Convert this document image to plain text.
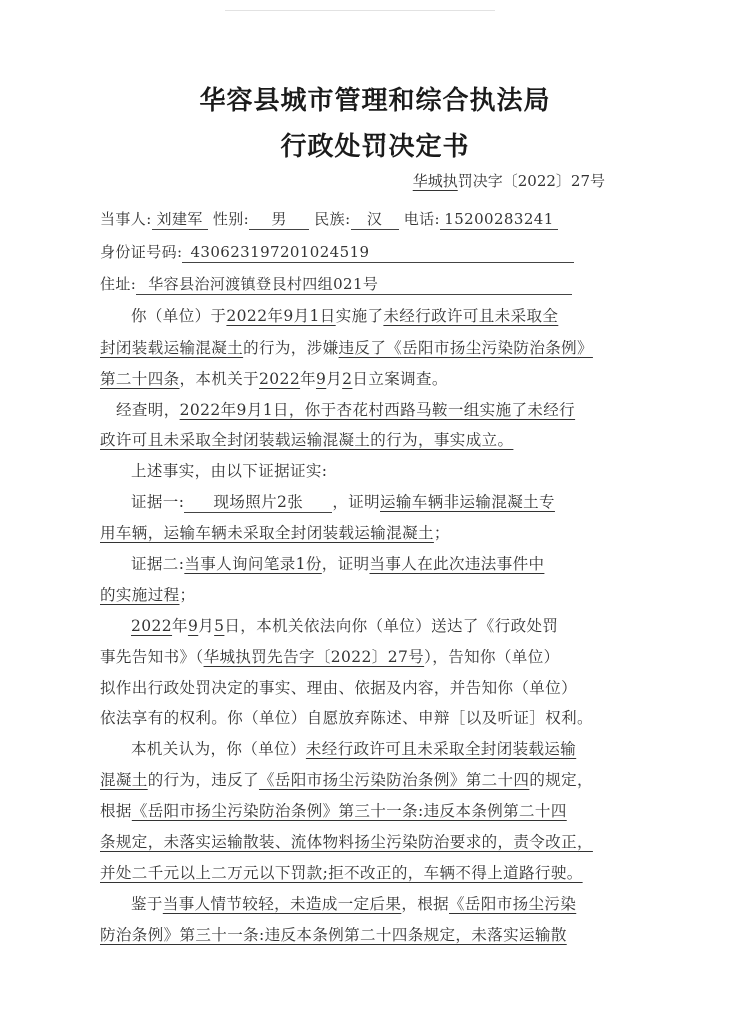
华容县城市管理和综合执法局
行政处罚决定书
华城执罚决字〔2022〕27号
当事人: 刘建军 性别: 男 民族: 汉 电话: 15200283241
身份证号码: 430623197201024519
住址: 华容县治河渡镇登艮村四组021号
你（单位）于2022年9月1日实施了未经行政许可且未采取全
封闭装载运输混凝土的行为，涉嫌违反了《岳阳市扬尘污染防治条例》
第二十四条，本机关于2022年9月2日立案调查。
经查明，2022年9月1日，你于杏花村西路马鞍一组实施了未经行
政许可且未采取全封闭装载运输混凝土的行为，事实成立。
上述事实，由以下证据证实:
证据一: 现场照片2张 ，证明运输车辆非运输混凝土专
用车辆，运输车辆未采取全封闭装载运输混凝土；
证据二:当事人询问笔录1份，证明当事人在此次违法事件中
的实施过程；
2022年9月5日，本机关依法向你（单位）送达了《行政处罚
事先告知书》（华城执罚先告字〔2022〕27号），告知你（单位）
拟作出行政处罚决定的事实、理由、依据及内容，并告知你（单位）
依法享有的权利。你（单位）自愿放弃陈述、申辩［以及听证］权利。
本机关认为，你（单位）未经行政许可且未采取全封闭装载运输
混凝土的行为，违反了《岳阳市扬尘污染防治条例》第二十四的规定，
根据《岳阳市扬尘污染防治条例》第三十一条:违反本条例第二十四
条规定，未落实运输散装、流体物料扬尘污染防治要求的，责令改正，
并处二千元以上二万元以下罚款;拒不改正的，车辆不得上道路行驶。
鉴于当事人情节较轻，未造成一定后果，根据《岳阳市扬尘污染
防治条例》第三十一条:违反本条例第二十四条规定，未落实运输散
